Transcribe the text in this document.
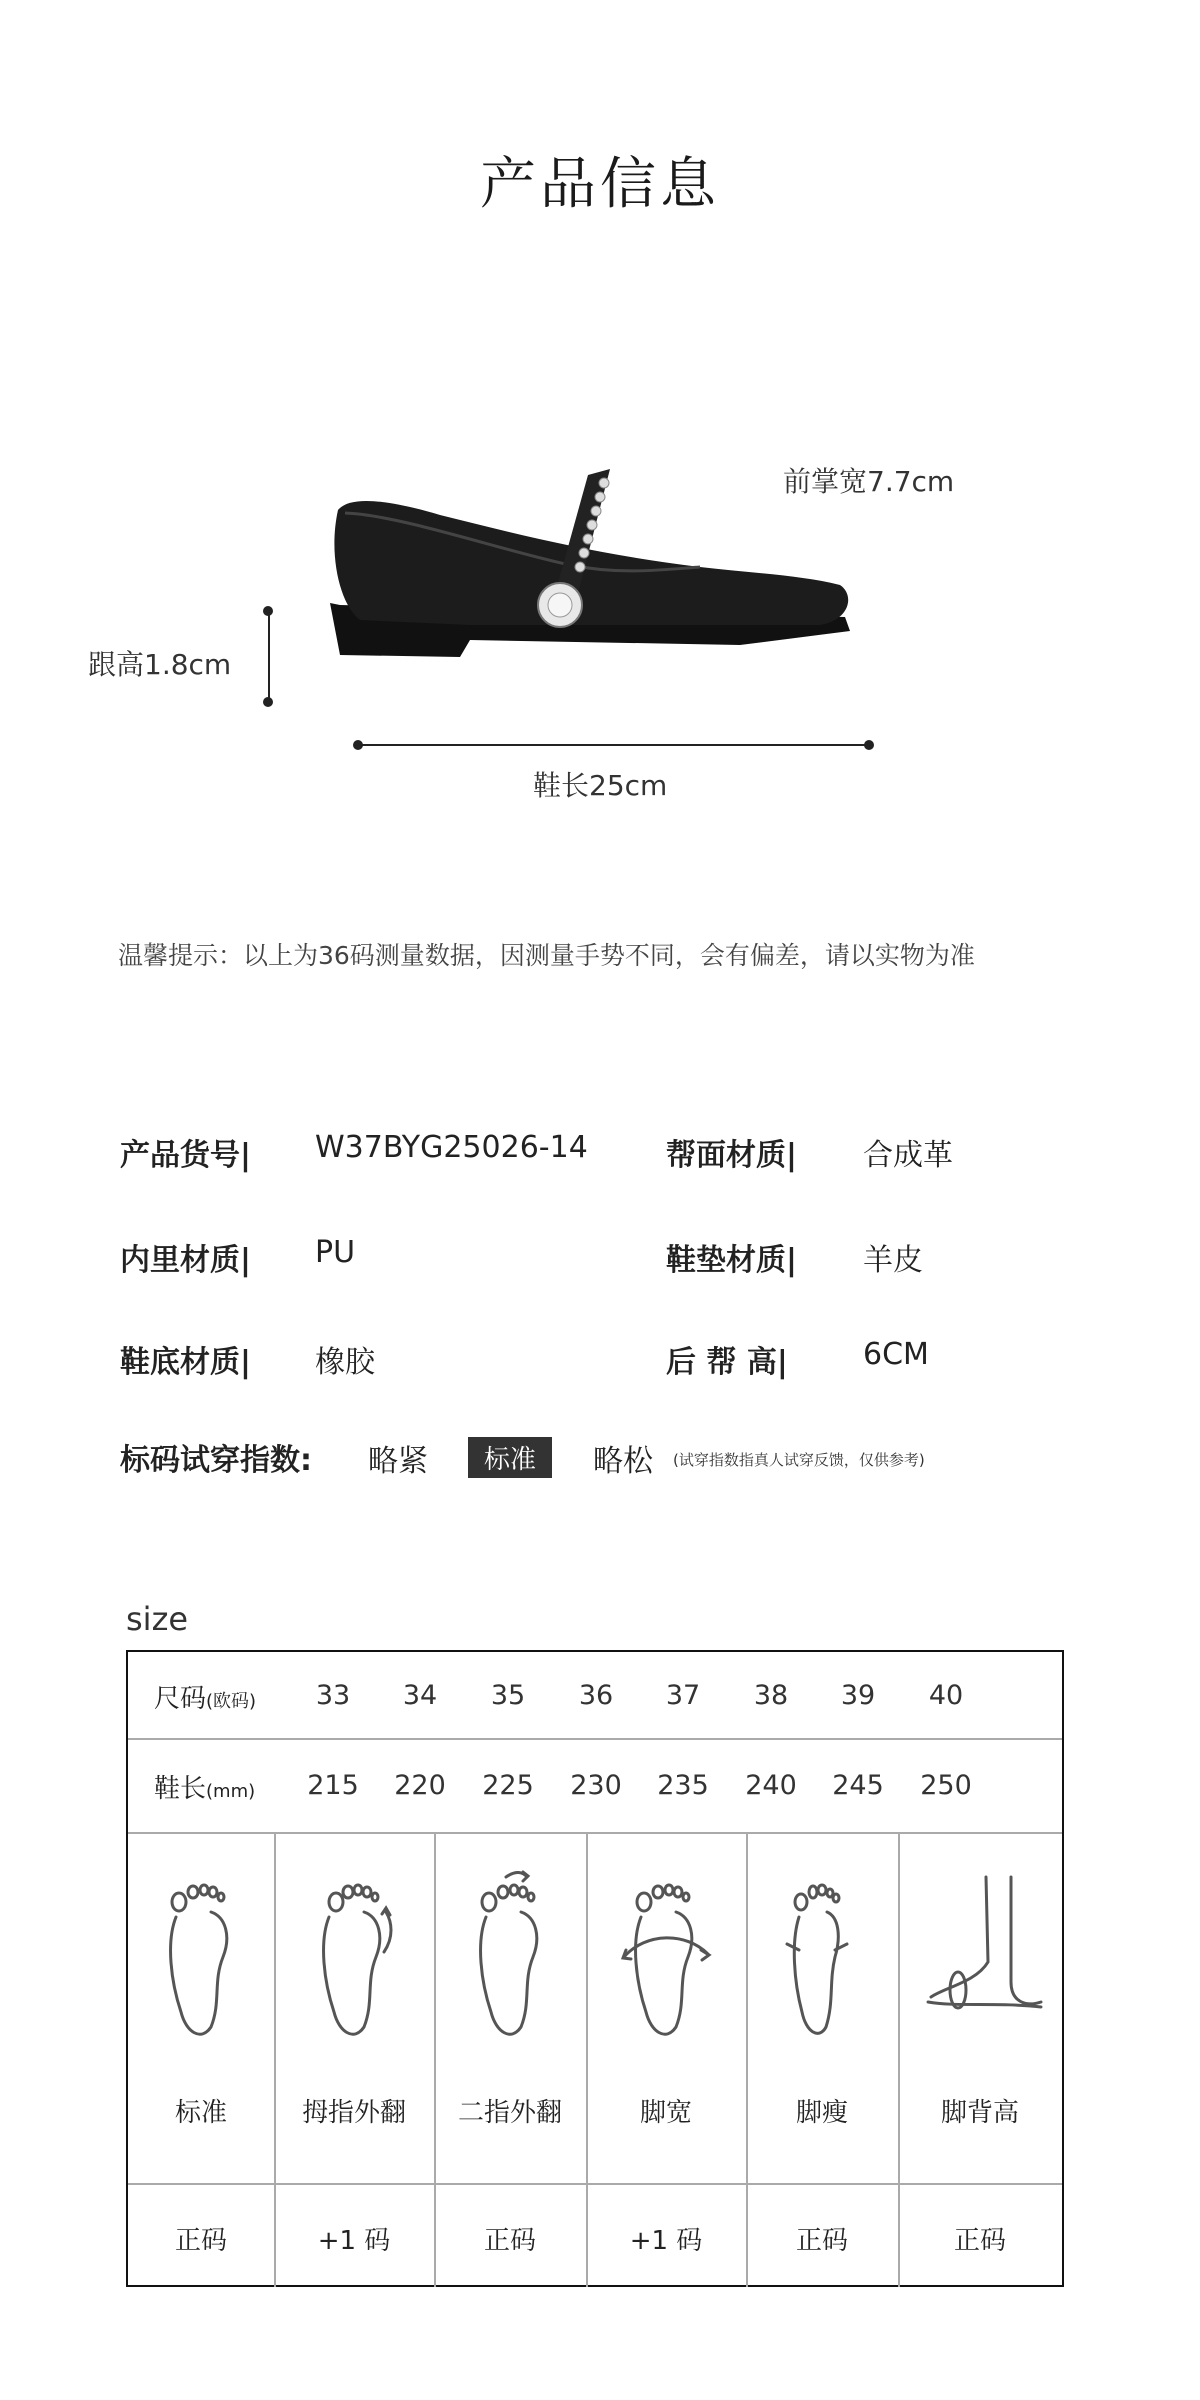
产品信息
前掌宽7.7cm
跟高1.8cm
鞋长25cm
温馨提示：以上为36码测量数据，因测量手势不同，会有偏差，请以实物为准
产品货号| W37BYG25026-14	帮面材质| 合成革
内里材质| PU	鞋垫材质| 羊皮
鞋底材质| 橡胶	后 帮 高|	6CM
标码试穿指数: 略紧	标准	略松 (试穿指数指真人试穿反馈，仅供参考)
size
尺码(欧码)	33	34	35	36	37	38	39	40
鞋长(mm)	215	220	225	230	235	240	245	250
标准	拇指外翻	二指外翻	脚宽	脚瘦	脚背高
正码	+1 码	正码	+1 码	正码	正码
